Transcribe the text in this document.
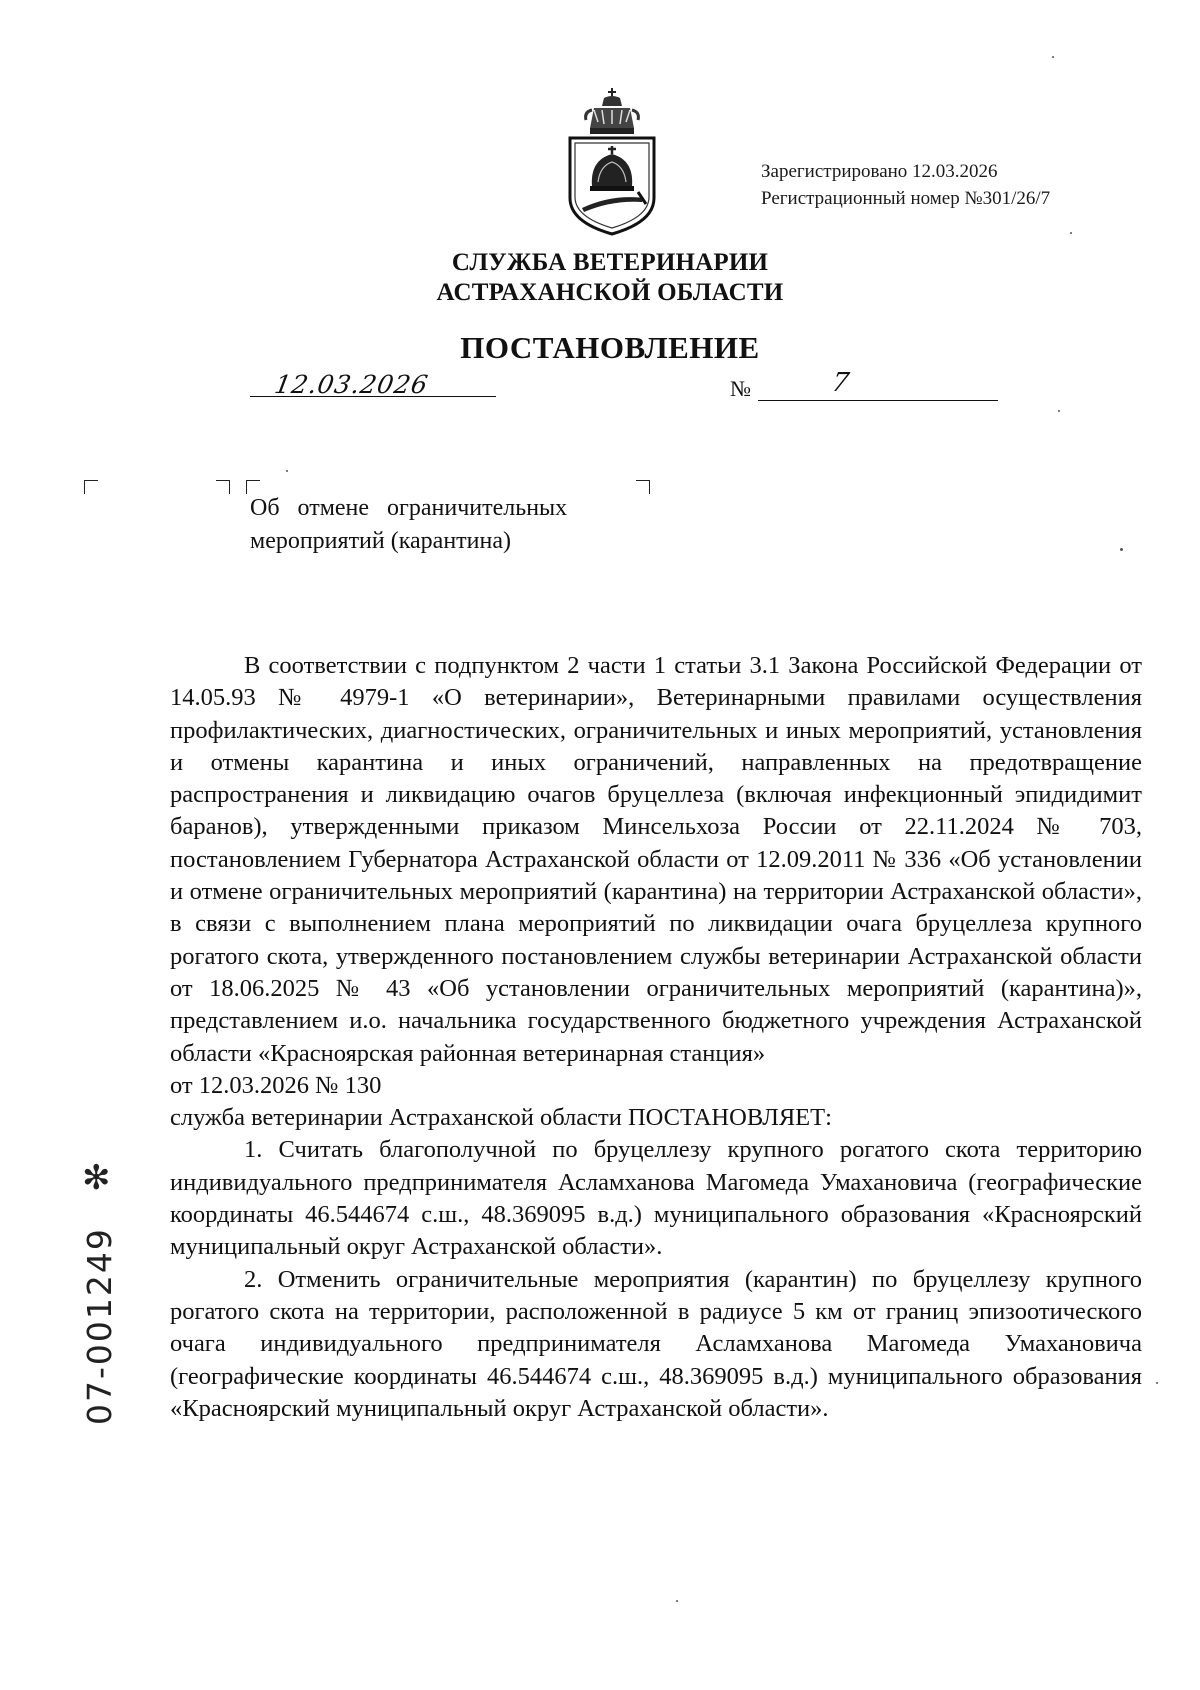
Зарегистрировано 12.03.2026
Регистрационный номер №301/26/7
СЛУЖБА ВЕТЕРИНАРИИ
АСТРАХАНСКОЙ ОБЛАСТИ
ПОСТАНОВЛЕНИЕ
12.03.2026	№	7
Об отмене ограничительных
мероприятий (карантина)

В соответствии с подпунктом 2 части 1 статьи 3.1 Закона Российской Федерации от 14.05.93 № 4979-1 «О ветеринарии», Ветеринарными правилами осуществления профилактических, диагностических, ограничительных и иных мероприятий, установления и отмены карантина и иных ограничений, направленных на предотвращение распространения и ликвидацию очагов бруцеллеза (включая инфекционный эпидидимит баранов), утвержденными приказом Минсельхоза России от 22.11.2024 № 703, постановлением Губернатора Астраханской области от 12.09.2011 № 336 «Об установлении и отмене ограничительных мероприятий (карантина) на территории Астраханской области», в связи с выполнением плана мероприятий по ликвидации очага бруцеллеза крупного рогатого скота, утвержденного постановлением службы ветеринарии Астраханской области от 18.06.2025 № 43 «Об установлении ограничительных мероприятий (карантина)», представлением и.о. начальника государственного бюджетного учреждения Астраханской области «Красноярская районная ветеринарная станция»

от 12.03.2026 № 130

служба ветеринарии Астраханской области ПОСТАНОВЛЯЕТ:

1. Считать благополучной по бруцеллезу крупного рогатого скота территорию индивидуального предпринимателя Асламханова Магомеда Умахановича (географические координаты 46.544674 с.ш., 48.369095 в.д.) муниципального образования «Красноярский муниципальный округ Астраханской области».

2. Отменить ограничительные мероприятия (карантин) по бруцеллезу крупного рогатого скота на территории, расположенной в радиусе 5 км от границ эпизоотического очага индивидуального предпринимателя Асламханова Магомеда Умахановича (географические координаты 46.544674 с.ш., 48.369095 в.д.) муниципального образования «Красноярский муниципальный округ Астраханской области».

✻
07-001249
